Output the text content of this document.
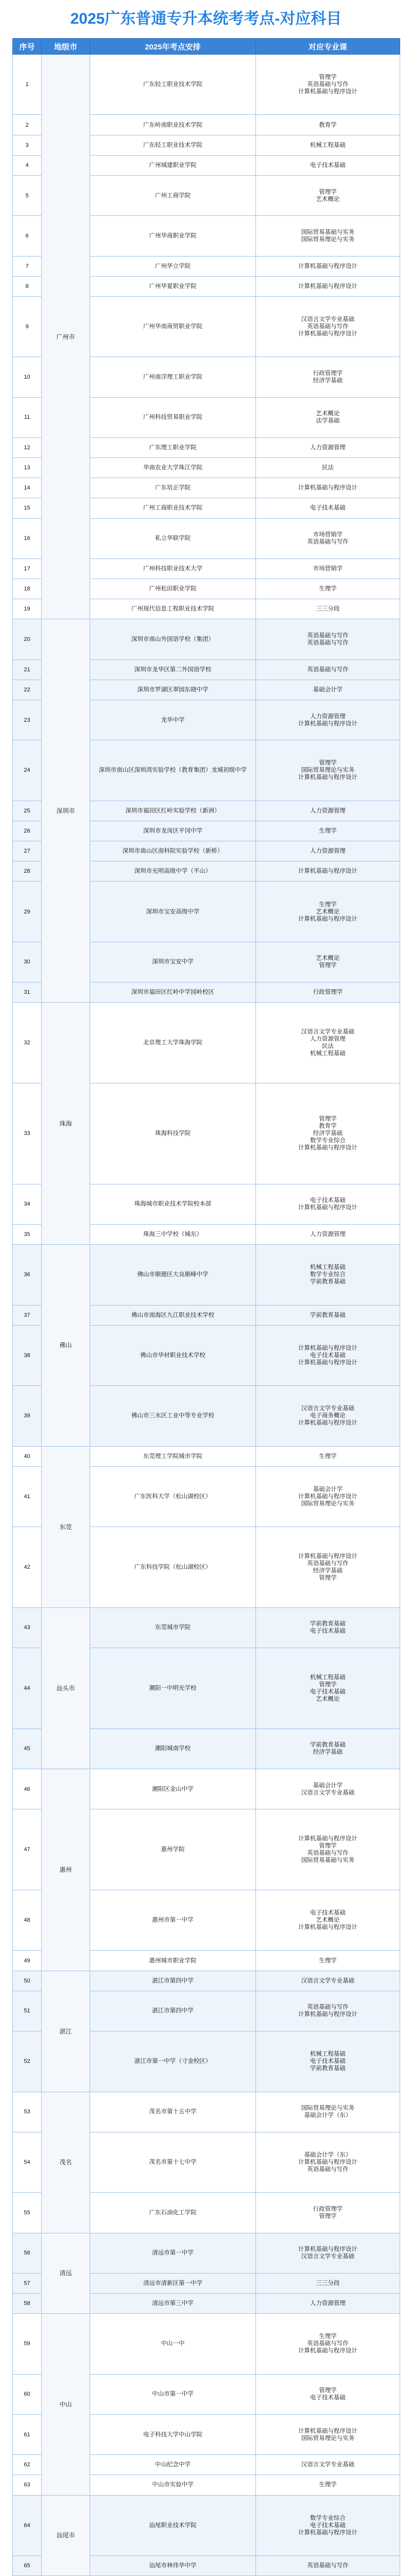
2025广东普通专升本统考考点-对应科目
序号	地级市	2025年考点安排	对应专业课
1	广州市	广东轻工职业技术学院	管理学
英语基础与写作
计算机基础与程序设计

2		广东岭南职业技术学院	教育学

3		广东轻工职业技术学院	机械工程基础

4		广州城建职业学院	电子技术基础

5		广州工商学院	管理学
艺术概论

6		广州华商职业学院	国际贸易基础与实务
国际贸易理论与实务

7		广州华立学院	计算机基础与程序设计

8		广州华夏职业学院	计算机基础与程序设计

9		广州华南商贸职业学院	汉语言文学专业基础
英语基础与写作
计算机基础与程序设计

10		广州南洋理工职业学院	行政管理学
经济学基础

11		广州科技贸易职业学院	艺术概论
法学基础

12		广东理工职业学院	人力资源管理

13		华南农业大学珠江学院	民法

14		广东培正学院	计算机基础与程序设计

15		广州工商职业技术学院	电子技术基础

16		私立华联学院	市场营销学
英语基础与写作

17		广州科技职业技术大学	市场营销学

18		广州松田职业学院	生理学

19		广州现代信息工程职业技术学院	三三分段

20	深圳市	深圳市南山外国语学校（集团）	英语基础与写作
英语基础与写作

21		深圳市龙华区第二外国语学校	英语基础与写作

22		深圳市罗湖区翠园东晓中学	基础会计学

23		龙华中学	人力资源管理
计算机基础与程序设计

24		深圳市南山区深圳湾实验学校（教育集团）龙城初级中学	管理学
国际贸易理论与实务
计算机基础与程序设计

25		深圳市福田区红岭实验学校（新洲）	人力资源管理

26		深圳市龙岗区平冈中学	生理学

27		深圳市南山区南科院实验学校（新桥）	人力资源管理

28		深圳市光明高级中学（平山）	计算机基础与程序设计

29		深圳市宝安高级中学	生理学
艺术概论
计算机基础与程序设计

30		深圳市宝安中学	艺术概论
管理学

31		深圳市福田区红岭中学园岭校区	行政管理学

32	珠海	北京理工大学珠海学院	汉语言文学专业基础
人力资源管理
民法
机械工程基础

33		珠海科技学院	管理学
教育学
经济学基础
数学专业综合
计算机基础与程序设计

34		珠海城市职业技术学院校本部	电子技术基础
计算机基础与程序设计

35		珠海三中学校（城东）	人力资源管理

36	佛山	佛山市顺德区大良顺峰中学	机械工程基础
数学专业综合
学前教育基础

37		佛山市南海区九江职业技术学校	学前教育基础

38		佛山市华材职业技术学校	计算机基础与程序设计
电子技术基础
计算机基础与程序设计

39		佛山市三水区工业中等专业学校	汉语言文学专业基础
电子商务概论
计算机基础与程序设计

40	东莞	东莞理工学院城市学院	生理学

41		广东医科大学（松山湖校区）	基础会计学
计算机基础与程序设计
国际贸易理论与实务

42		广东科技学院（松山湖校区）	计算机基础与程序设计
英语基础与写作
经济学基础
管理学

43	汕头市	东莞城市学院	学前教育基础
电子技术基础

44		潮阳一中明光学校	机械工程基础
管理学
电子技术基础
艺术概论

45		潮阳城南学校	学前教育基础
经济学基础

46	惠州	潮阳区金山中学	基础会计学
汉语言文学专业基础

47		惠州学院	计算机基础与程序设计
管理学
英语基础与写作
国际贸易基础与实务

48		惠州市第一中学	电子技术基础
艺术概论
计算机基础与程序设计

49		惠州城市职业学院	生理学

50	湛江	湛江市第四中学	汉语言文学专业基础

51		湛江市第四中学	英语基础与写作
计算机基础与程序设计

52		湛江市第一中学（寸金校区）	机械工程基础
电子技术基础
学前教育基础

53	茂名	茂名市第十五中学	国际贸易理论与实务
基础会计学（东）

54		茂名市第十七中学	基础会计学（东）
计算机基础与程序设计
英语基础与写作

55		广东石油化工学院	行政管理学
管理学

56	清远	清远市第一中学	计算机基础与程序设计
汉语言文学专业基础

57		清远市清新区第一中学	三三分段

58		清远市第三中学	人力资源管理

59	中山	中山一中	生理学
英语基础与写作
计算机基础与程序设计

60		中山市第一中学	管理学
电子技术基础

61		电子科技大学中山学院	计算机基础与程序设计
国际贸易理论与实务

62		中山纪念中学	汉语言文学专业基础

63		中山市实验中学	生理学

64	汕尾市	汕尾职业技术学院	数学专业综合
电子技术基础
计算机基础与程序设计

65		汕尾市林伟华中学	英语基础与写作
